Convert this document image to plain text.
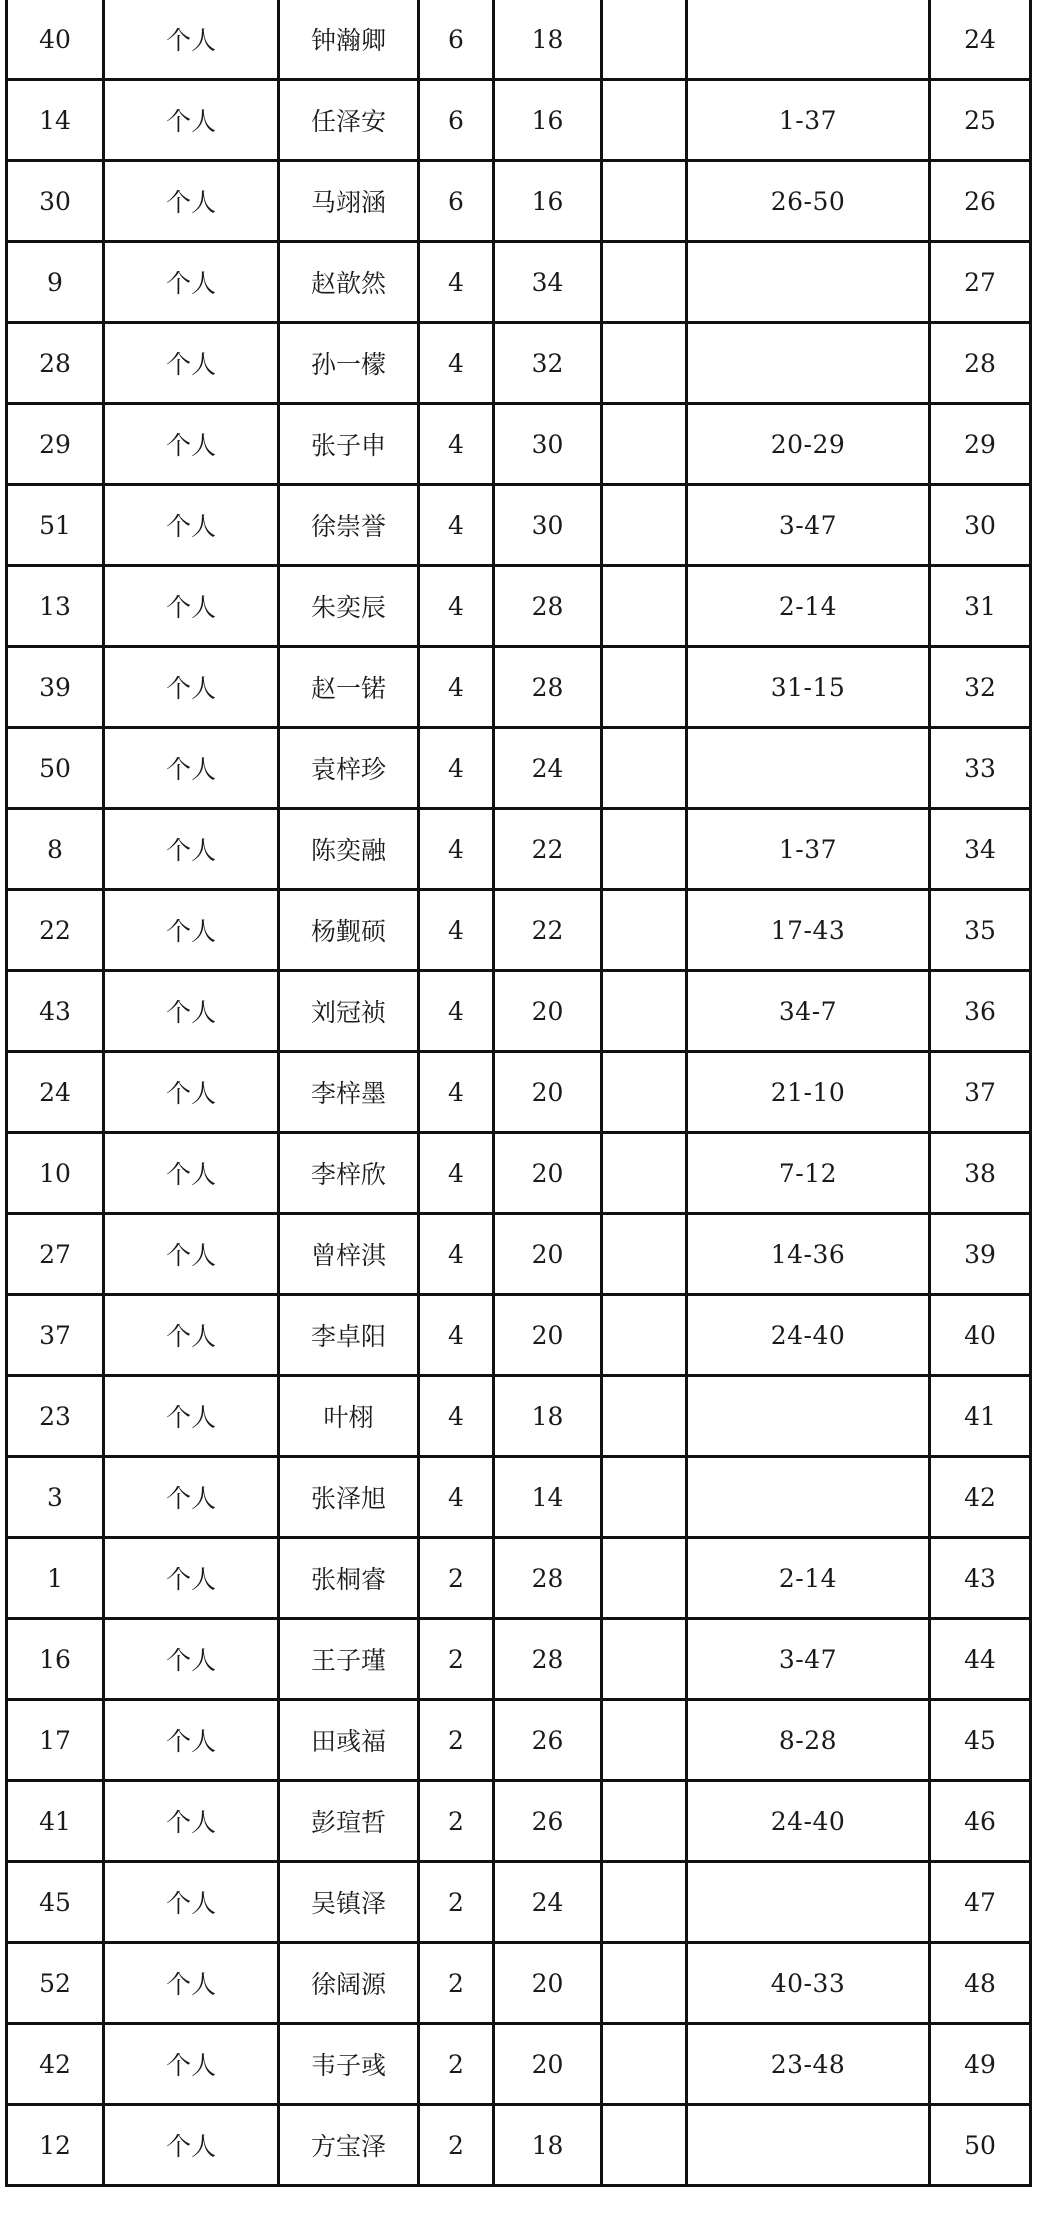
40	个人	钟瀚卿	6	18			24
14	个人	任泽安	6	16		1-37	25
30	个人	马翊涵	6	16		26-50	26
9	个人	赵歆然	4	34			27
28	个人	孙一檬	4	32			28
29	个人	张子申	4	30		20-29	29
51	个人	徐崇誉	4	30		3-47	30
13	个人	朱奕辰	4	28		2-14	31
39	个人	赵一锘	4	28		31-15	32
50	个人	袁梓珍	4	24			33
8	个人	陈奕融	4	22		1-37	34
22	个人	杨觐硕	4	22		17-43	35
43	个人	刘冠祯	4	20		34-7	36
24	个人	李梓墨	4	20		21-10	37
10	个人	李梓欣	4	20		7-12	38
27	个人	曾梓淇	4	20		14-36	39
37	个人	李卓阳	4	20		24-40	40
23	个人	叶栩	4	18			41
3	个人	张泽旭	4	14			42
1	个人	张桐睿	2	28		2-14	43
16	个人	王子瑾	2	28		3-47	44
17	个人	田彧福	2	26		8-28	45
41	个人	彭瑄哲	2	26		24-40	46
45	个人	吴镇泽	2	24			47
52	个人	徐阔源	2	20		40-33	48
42	个人	韦子彧	2	20		23-48	49
12	个人	方宝泽	2	18			50
